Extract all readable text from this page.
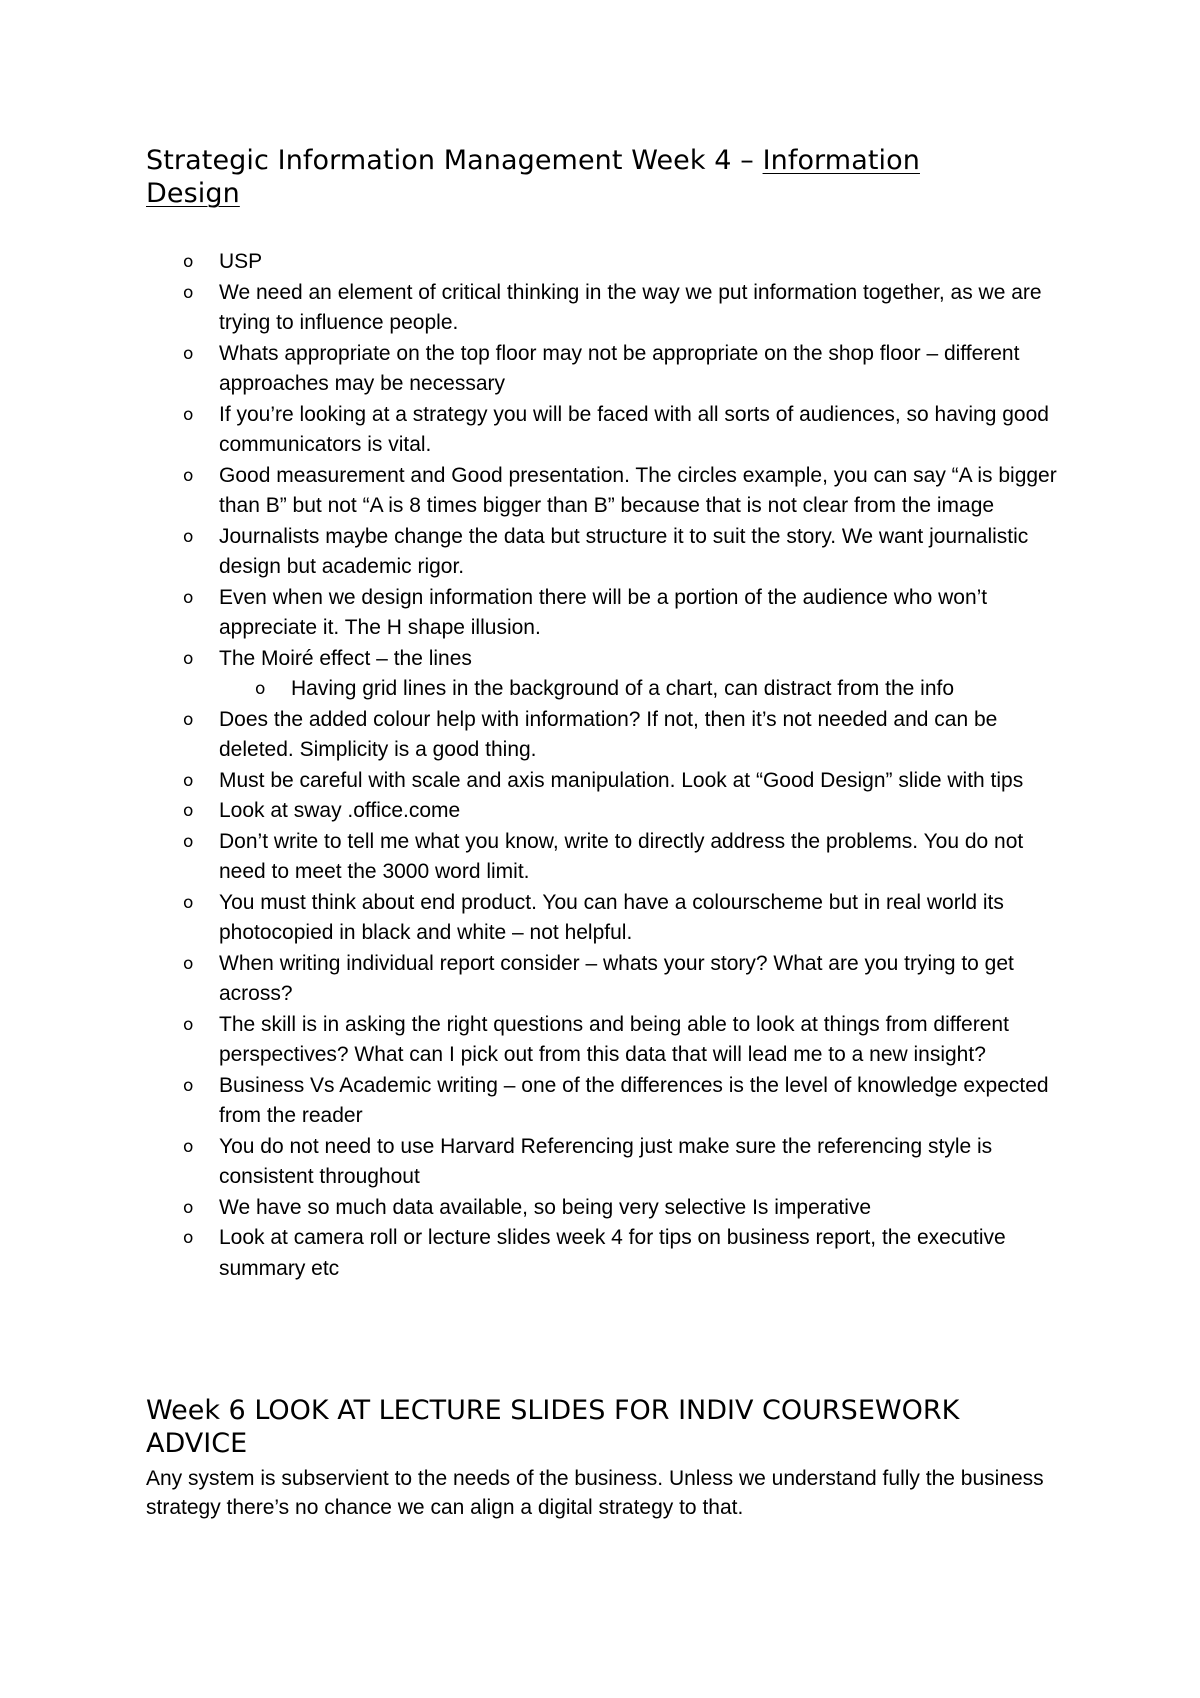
Strategic Information Management Week 4 – Information Design
o USP
o We need an element of critical thinking in the way we put information together, as we are trying to influence people.
o Whats appropriate on the top floor may not be appropriate on the shop floor – different approaches may be necessary
o If you’re looking at a strategy you will be faced with all sorts of audiences, so having good communicators is vital.
o Good measurement and Good presentation. The circles example, you can say “A is bigger than B” but not “A is 8 times bigger than B” because that is not clear from the image
o Journalists maybe change the data but structure it to suit the story. We want journalistic design but academic rigor.
o Even when we design information there will be a portion of the audience who won’t appreciate it. The H shape illusion.
o The Moiré effect – the lines
o Having grid lines in the background of a chart, can distract from the info
o Does the added colour help with information? If not, then it’s not needed and can be deleted. Simplicity is a good thing.
o Must be careful with scale and axis manipulation. Look at “Good Design” slide with tips
o Look at sway .office.come
o Don’t write to tell me what you know, write to directly address the problems. You do not need to meet the 3000 word limit.
o You must think about end product. You can have a colourscheme but in real world its photocopied in black and white – not helpful.
o When writing individual report consider – whats your story? What are you trying to get across?
o The skill is in asking the right questions and being able to look at things from different perspectives? What can I pick out from this data that will lead me to a new insight?
o Business Vs Academic writing – one of the differences is the level of knowledge expected from the reader
o You do not need to use Harvard Referencing just make sure the referencing style is consistent throughout
o We have so much data available, so being very selective Is imperative
o Look at camera roll or lecture slides week 4 for tips on business report, the executive summary etc
Week 6 LOOK AT LECTURE SLIDES FOR INDIV COURSEWORK ADVICE

Any system is subservient to the needs of the business. Unless we understand fully the business strategy there’s no chance we can align a digital strategy to that.
